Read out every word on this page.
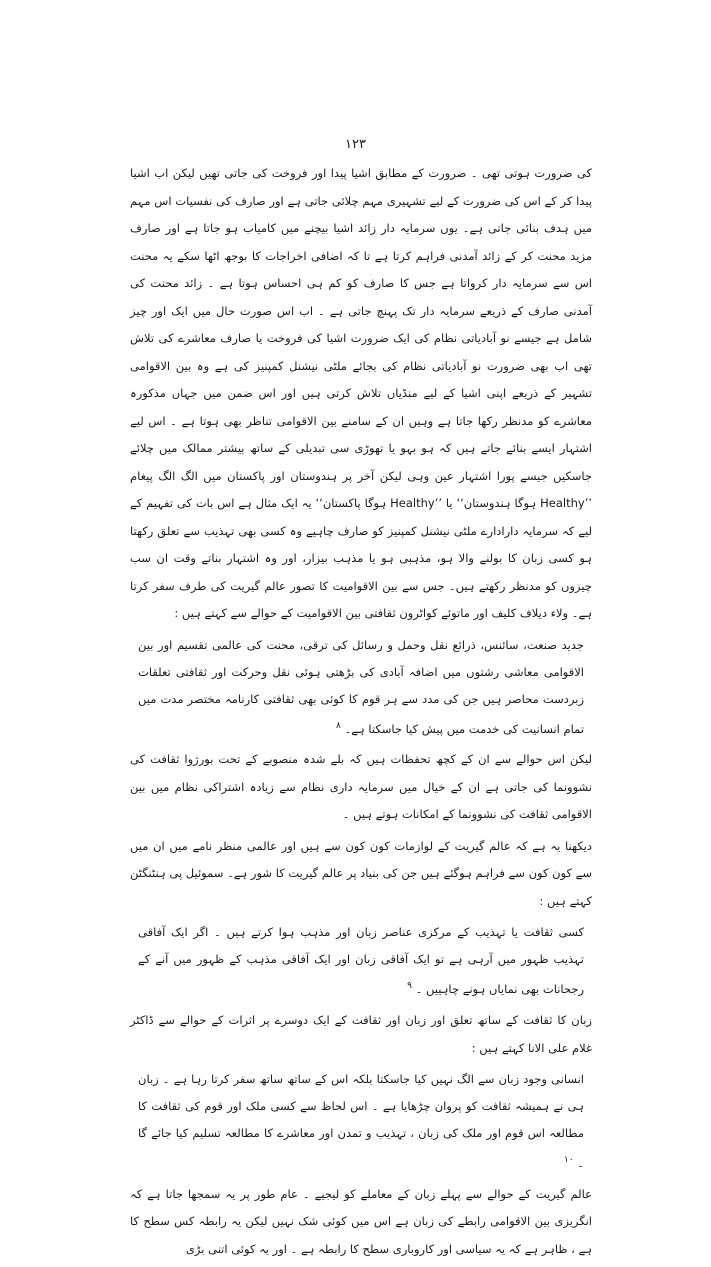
۱۲۳

کی ضرورت ہوتی تھی ۔ ضرورت کے مطابق اشیا پیدا اور فروخت کی جاتی تھیں لیکن اب اشیا پیدا کر کے اس کی ضرورت کے لیے تشہیری مہم چلائی جاتی ہے اور صارف کی نفسیات اس مہم میں ہدف بنائی جاتی ہے۔ یوں سرمایہ دار زائد اشیا بیچنے میں کامیاب ہو جاتا ہے اور صارف مزید محنت کر کے زائد آمدنی فراہم کرتا ہے تا کہ اضافی اخراجات کا بوجھ اٹھا سکے یہ محنت اس سے سرمایہ دار کرواتا ہے جس کا صارف کو کم ہی احساس ہوتا ہے ۔ زائد محنت کی آمدنی صارف کے ذریعے سرمایہ دار تک پہنچ جاتی ہے ۔ اب اس صورت حال میں ایک اور چیز شامل ہے جیسے نو آبادیاتی نظام کی ایک ضرورت اشیا کی فروخت یا صارف معاشرے کی تلاش تھی اب بھی ضرورت نو آبادیاتی نظام کی بجائے ملٹی نیشنل کمپنیز کی ہے وہ بین الاقوامی تشہیر کے ذریعے اپنی اشیا کے لیے منڈیاں تلاش کرتی ہیں اور اس ضمن میں جہاں مذکورہ معاشرے کو مدنظر رکھا جاتا ہے وہیں ان کے سامنے بین الاقوامی تناظر بھی ہوتا ہے ۔ اس لیے اشتہار ایسے بنائے جاتے ہیں کہ ہو بہو یا تھوڑی سی تبدیلی کے ساتھ بیشتر ممالک میں چلائے جاسکیں جیسے پورا اشتہار عین وہی لیکن آخر پر ہندوستان اور پاکستان میں الگ الگ پیغام ’’Healthy ہوگا ہندوستان‘‘ یا ’’Healthy ہوگا پاکستان‘‘ یہ ایک مثال ہے اس بات کی تفہیم کے لیے کہ سرمایہ دارادارے ملٹی نیشنل کمپنیز کو صارف چاہیے وہ کسی بھی تہذیب سے تعلق رکھتا ہو کسی زبان کا بولنے والا ہو، مذہبی ہو یا مذہب بیزار، اور وہ اشتہار بناتے وقت ان سب چیزوں کو مدنظر رکھتے ہیں۔ جس سے بین الاقوامیت کا تصور عالم گیریت کی طرف سفر کرتا ہے۔ ولاء دیلاف کلیف اور ماتوئے کواٹرون ثقافتی بین الاقوامیت کے حوالے سے کہتے ہیں :

جدید صنعت، سائنس، ذرائع نقل وحمل و رسائل کی ترقی، محنت کی عالمی تقسیم اور بین الاقوامی معاشی رشتوں میں اضافہ آبادی کی بڑھتی ہوئی نقل وحرکت اور ثقافتی تعلقات زبردست محاصر ہیں جن کی مدد سے ہر قوم کا کوئی بھی ثقافتی کارنامہ مختصر مدت میں تمام انسانیت کی خدمت میں پیش کیا جاسکتا ہے۔ $^۸$

لیکن اس حوالے سے ان کے کچھ تحفظات ہیں کہ بلے شدہ منصوبے کے تحت بورژوا ثقافت کی نشوونما کی جاتی ہے ان کے خیال میں سرمایہ داری نظام سے زیادہ اشتراکی نظام میں بین الاقوامی ثقافت کی نشوونما کے امکانات ہوتے ہیں ۔

دیکھنا یہ ہے کہ عالم گیریت کے لوازمات کون کون سے ہیں اور عالمی منظر نامے میں ان میں سے کون کون سے فراہم ہوگئے ہیں جن کی بنیاد پر عالم گیریت کا شور ہے۔ سموئیل پی ہنٹنگٹن کہتے ہیں :

کسی ثقافت یا تہذیب کے مرکزی عناصر زبان اور مذہب ہوا کرتے ہیں ۔ اگر ایک آفاقی تہذیب ظہور میں آرہی ہے تو ایک آفاقی زبان اور ایک آفاقی مذہب کے ظہور میں آنے کے رجحانات بھی نمایاں ہونے چاہییں ۔ $^۹$

زبان کا ثقافت کے ساتھ تعلق اور زبان اور ثقافت کے ایک دوسرے پر اثرات کے حوالے سے ڈاکٹر غلام علی الانا کہتے ہیں :

انسانی وجود زبان سے الگ نہیں کیا جاسکتا بلکہ اس کے ساتھ ساتھ سفر کرتا رہا ہے ۔ زبان ہی نے ہمیشہ ثقافت کو پروان چڑھایا ہے ۔ اس لحاظ سے کسی ملک اور قوم کی ثقافت کا مطالعہ اس قوم اور ملک کی زبان ، تہذیب و تمدن اور معاشرے کا مطالعہ تسلیم کیا جائے گا ۔ $^{۱۰}$

عالم گیریت کے حوالے سے پہلے زبان کے معاملے کو لیجیے ۔ عام طور پر یہ سمجھا جاتا ہے کہ انگریزی بین الاقوامی رابطے کی زبان ہے اس میں کوئی شک نہیں لیکن یہ رابطہ کس سطح کا ہے ، ظاہر ہے کہ یہ سیاسی اور کاروباری سطح کا رابطہ ہے ۔ اور یہ کوئی اتنی بڑی
